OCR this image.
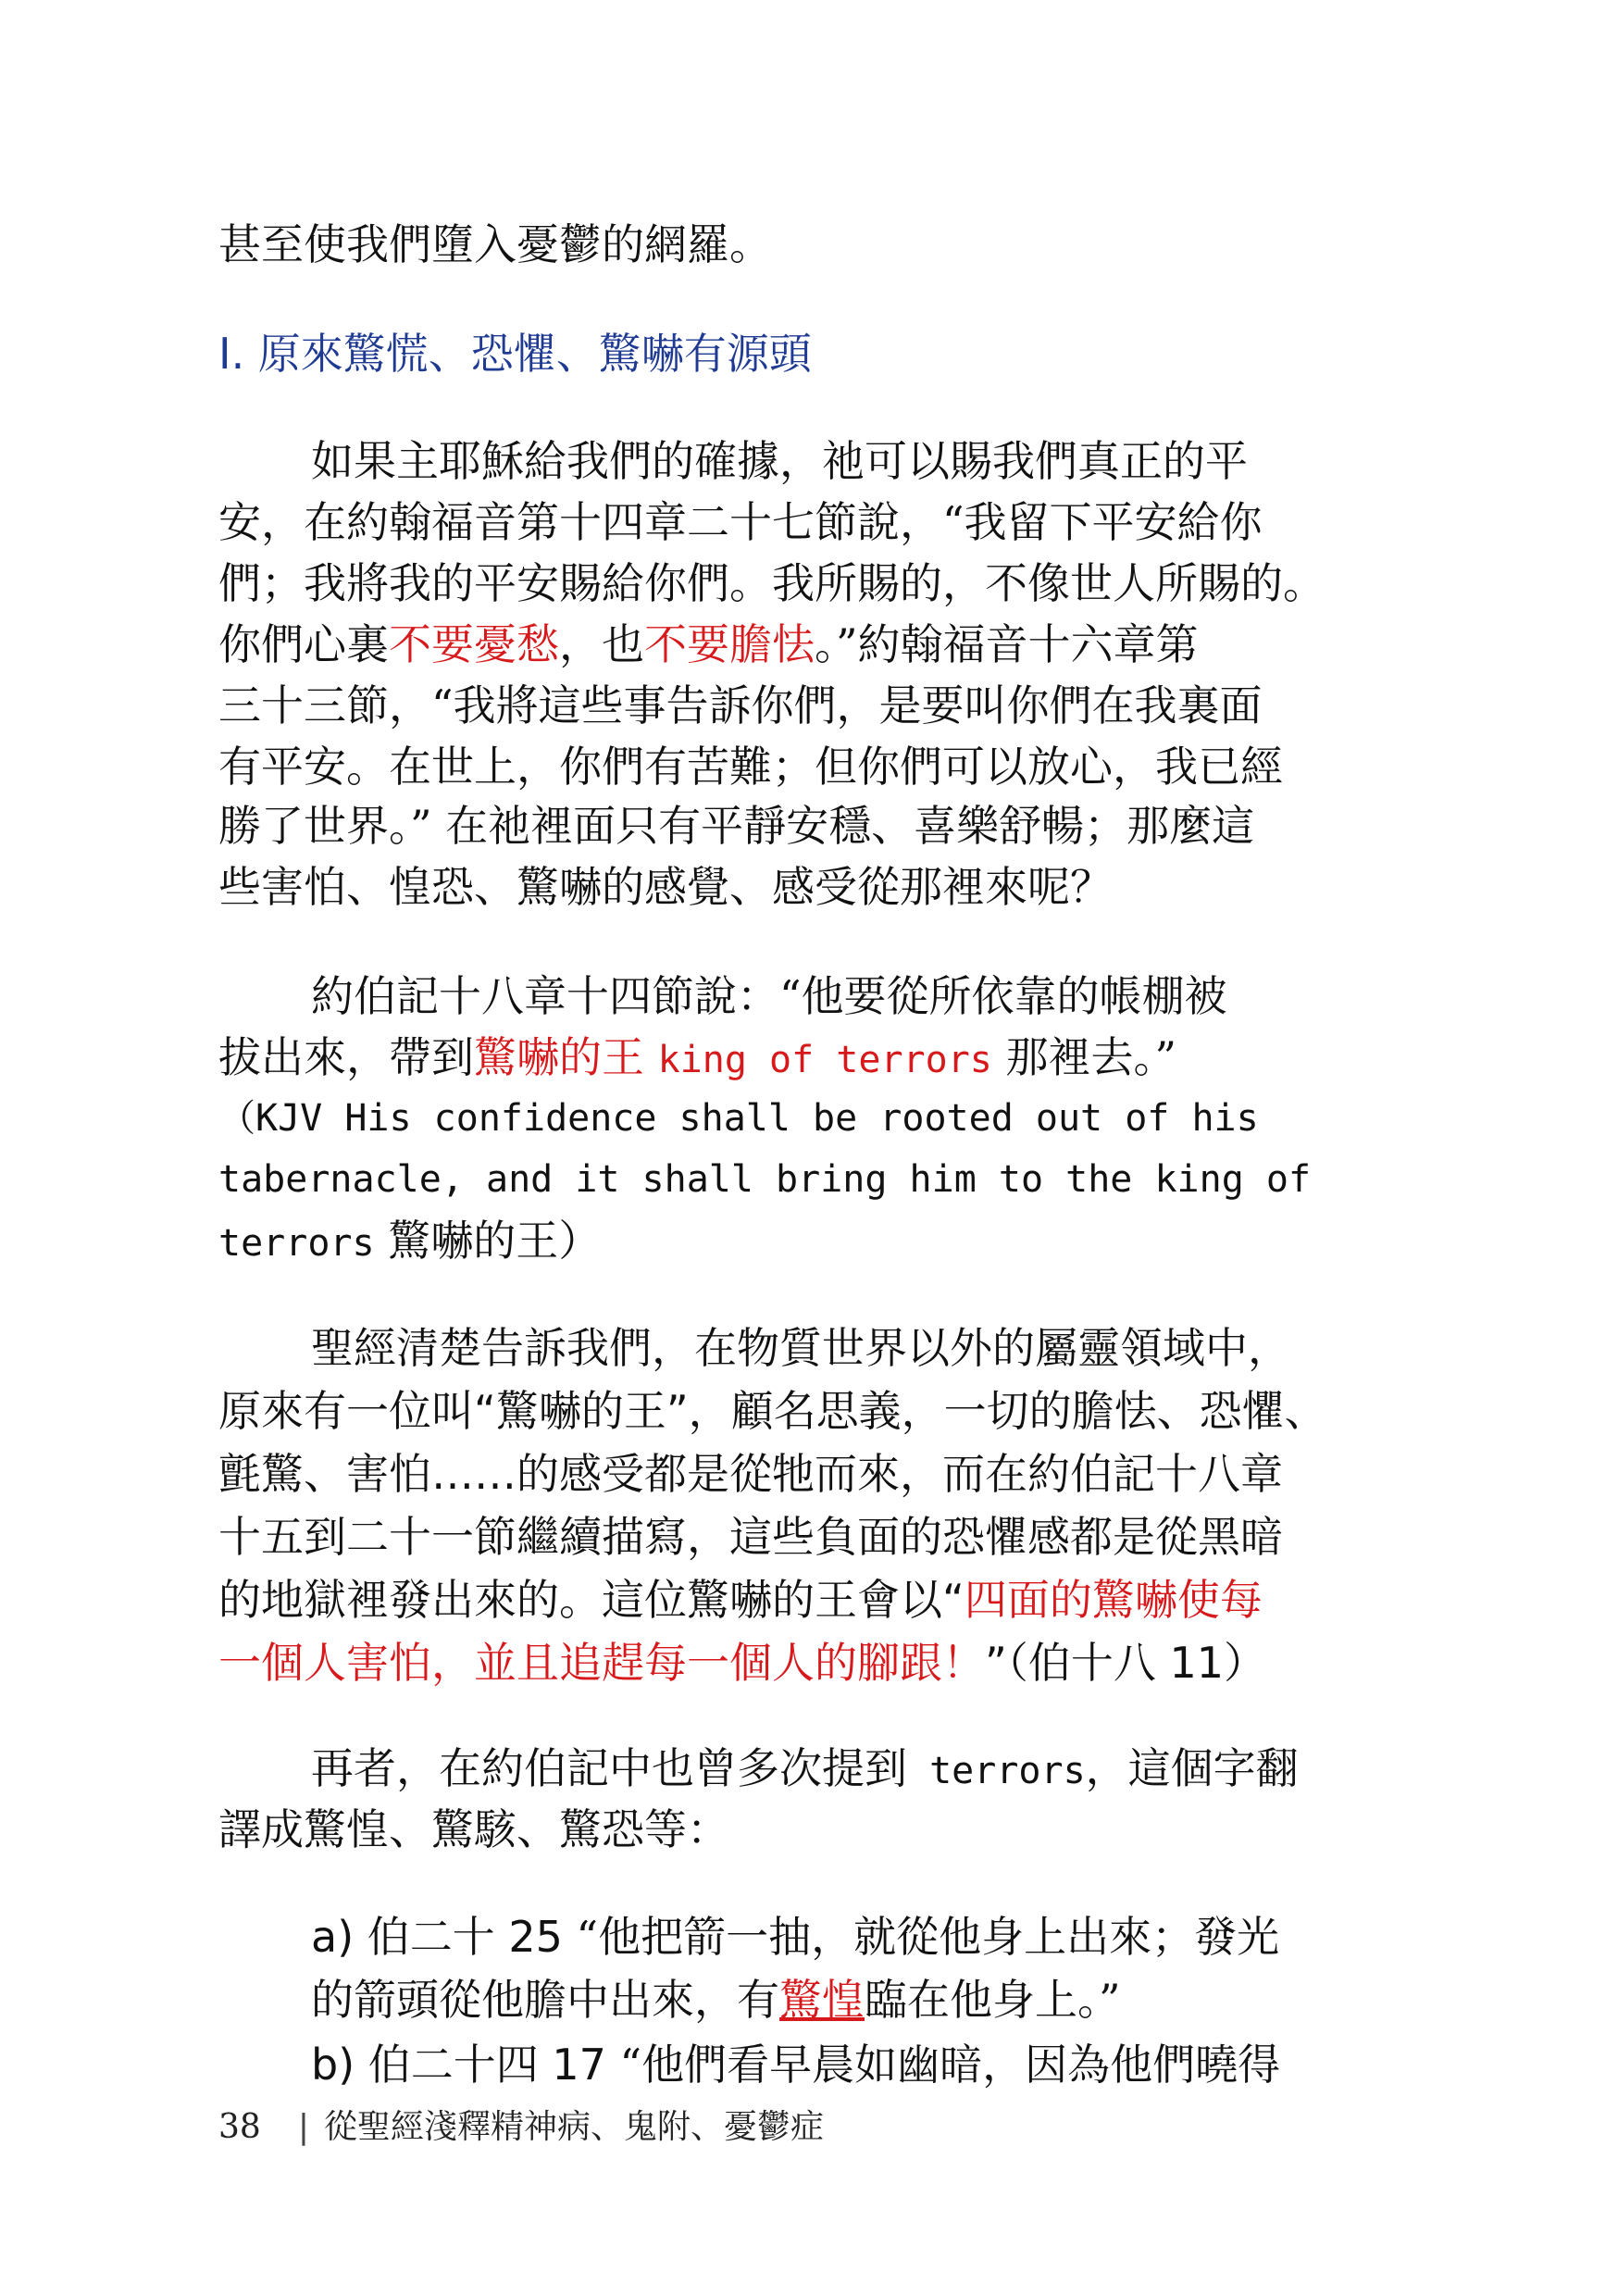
甚至使我們墮入憂鬱的網羅。
I. 原來驚慌、恐懼、驚嚇有源頭
如果主耶穌給我們的確據，祂可以賜我們真正的平
安，在約翰福音第十四章二十七節說，“我留下平安給你
們；我將我的平安賜給你們。我所賜的，不像世人所賜的。
你們心裏不要憂愁，也不要膽怯。”約翰福音十六章第
三十三節，“我將這些事告訴你們，是要叫你們在我裏面
有平安。在世上，你們有苦難；但你們可以放心，我已經
勝了世界。” 在祂裡面只有平靜安穩、喜樂舒暢；那麼這
些害怕、惶恐、驚嚇的感覺、感受從那裡來呢？
約伯記十八章十四節說：“他要從所依靠的帳棚被
拔出來，帶到驚嚇的王 king of terrors 那裡去。”
（KJV His confidence shall be rooted out of his
tabernacle, and it shall bring him to the king of
terrors 驚嚇的王）
聖經清楚告訴我們，在物質世界以外的屬靈領域中，
原來有一位叫“驚嚇的王”，顧名思義，一切的膽怯、恐懼、
氈驚、害怕……的感受都是從牠而來，而在約伯記十八章
十五到二十一節繼續描寫，這些負面的恐懼感都是從黑暗
的地獄裡發出來的。這位驚嚇的王會以“四面的驚嚇使每
一個人害怕，並且追趕每一個人的腳跟！”（伯十八 11）
再者，在約伯記中也曾多次提到 terrors，這個字翻
譯成驚惶、驚駭、驚恐等：
a) 伯二十 25 “他把箭一抽，就從他身上出來；發光
的箭頭從他膽中出來，有驚惶臨在他身上。”
b) 伯二十四 17 “他們看早晨如幽暗，因為他們曉得
38 | 從聖經淺釋精神病、鬼附、憂鬱症
